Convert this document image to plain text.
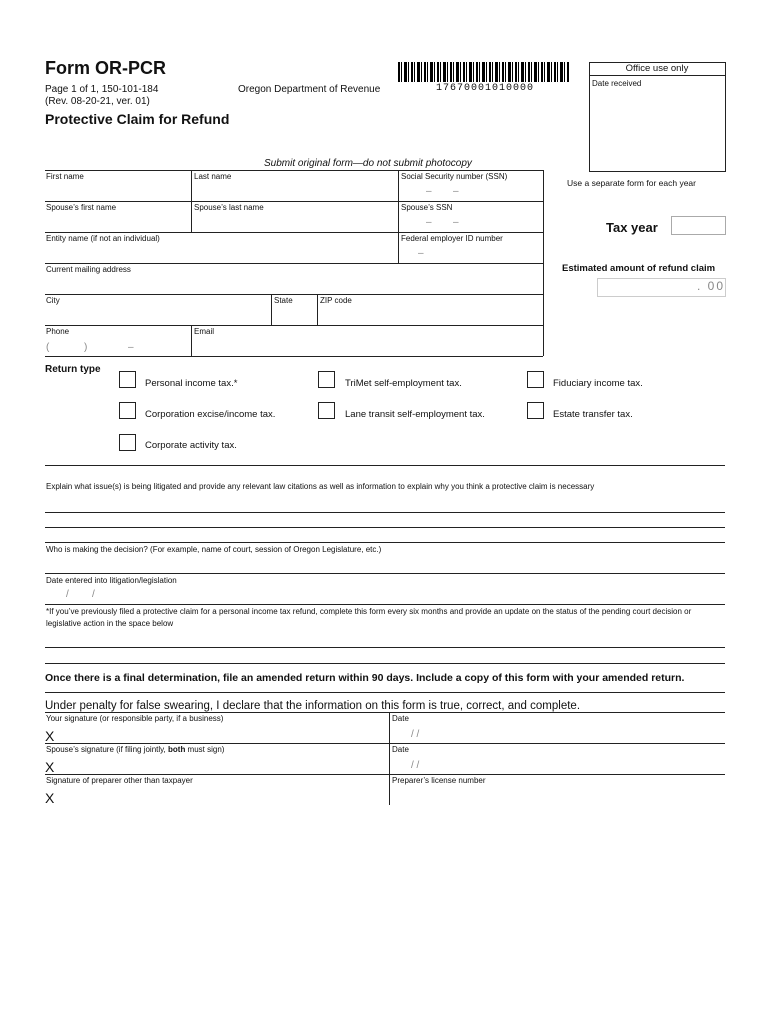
Form OR-PCR
Page 1 of 1, 150-101-184
(Rev. 08-20-21, ver. 01)
Oregon Department of Revenue	17670001010000
Protective Claim for Refund
Office use only
Date received
Submit original form—do not submit photocopy
First name	Last name	Social Security number (SSN)
– –
Spouse’s first name	Spouse’s last name	Spouse’s SSN
– –
Entity name (if not an individual)	Federal employer ID number
–
Current mailing address
City	State	ZIP code
Phone
(	)	–
Email
Use a separate form for each year
Tax year
Estimated amount of refund claim
. 00
Return type
Personal income tax.*	TriMet self-employment tax.	Fiduciary income tax.
Corporation excise/income tax.	Lane transit self-employment tax.	Estate transfer tax.
Corporate activity tax.
Explain what issue(s) is being litigated and provide any relevant law citations as well as information to explain why you think a protective claim is necessary
Who is making the decision? (For example, name of court, session of Oregon Legislature, etc.)
Date entered into litigation/legislation
/ /
*If you’ve previously filed a protective claim for a personal income tax refund, complete this form every six months and provide an update on the status of the pending court decision or legislative action in the space below
Once there is a final determination, file an amended return within 90 days. Include a copy of this form with your amended return.
Under penalty for false swearing, I declare that the information on this form is true, correct, and complete.
Your signature (or responsible party, if a business)
X
Date
/ /
Spouse’s signature (if filing jointly, both must sign)
X
Date
/ /
Signature of preparer other than taxpayer
X
Preparer’s license number
